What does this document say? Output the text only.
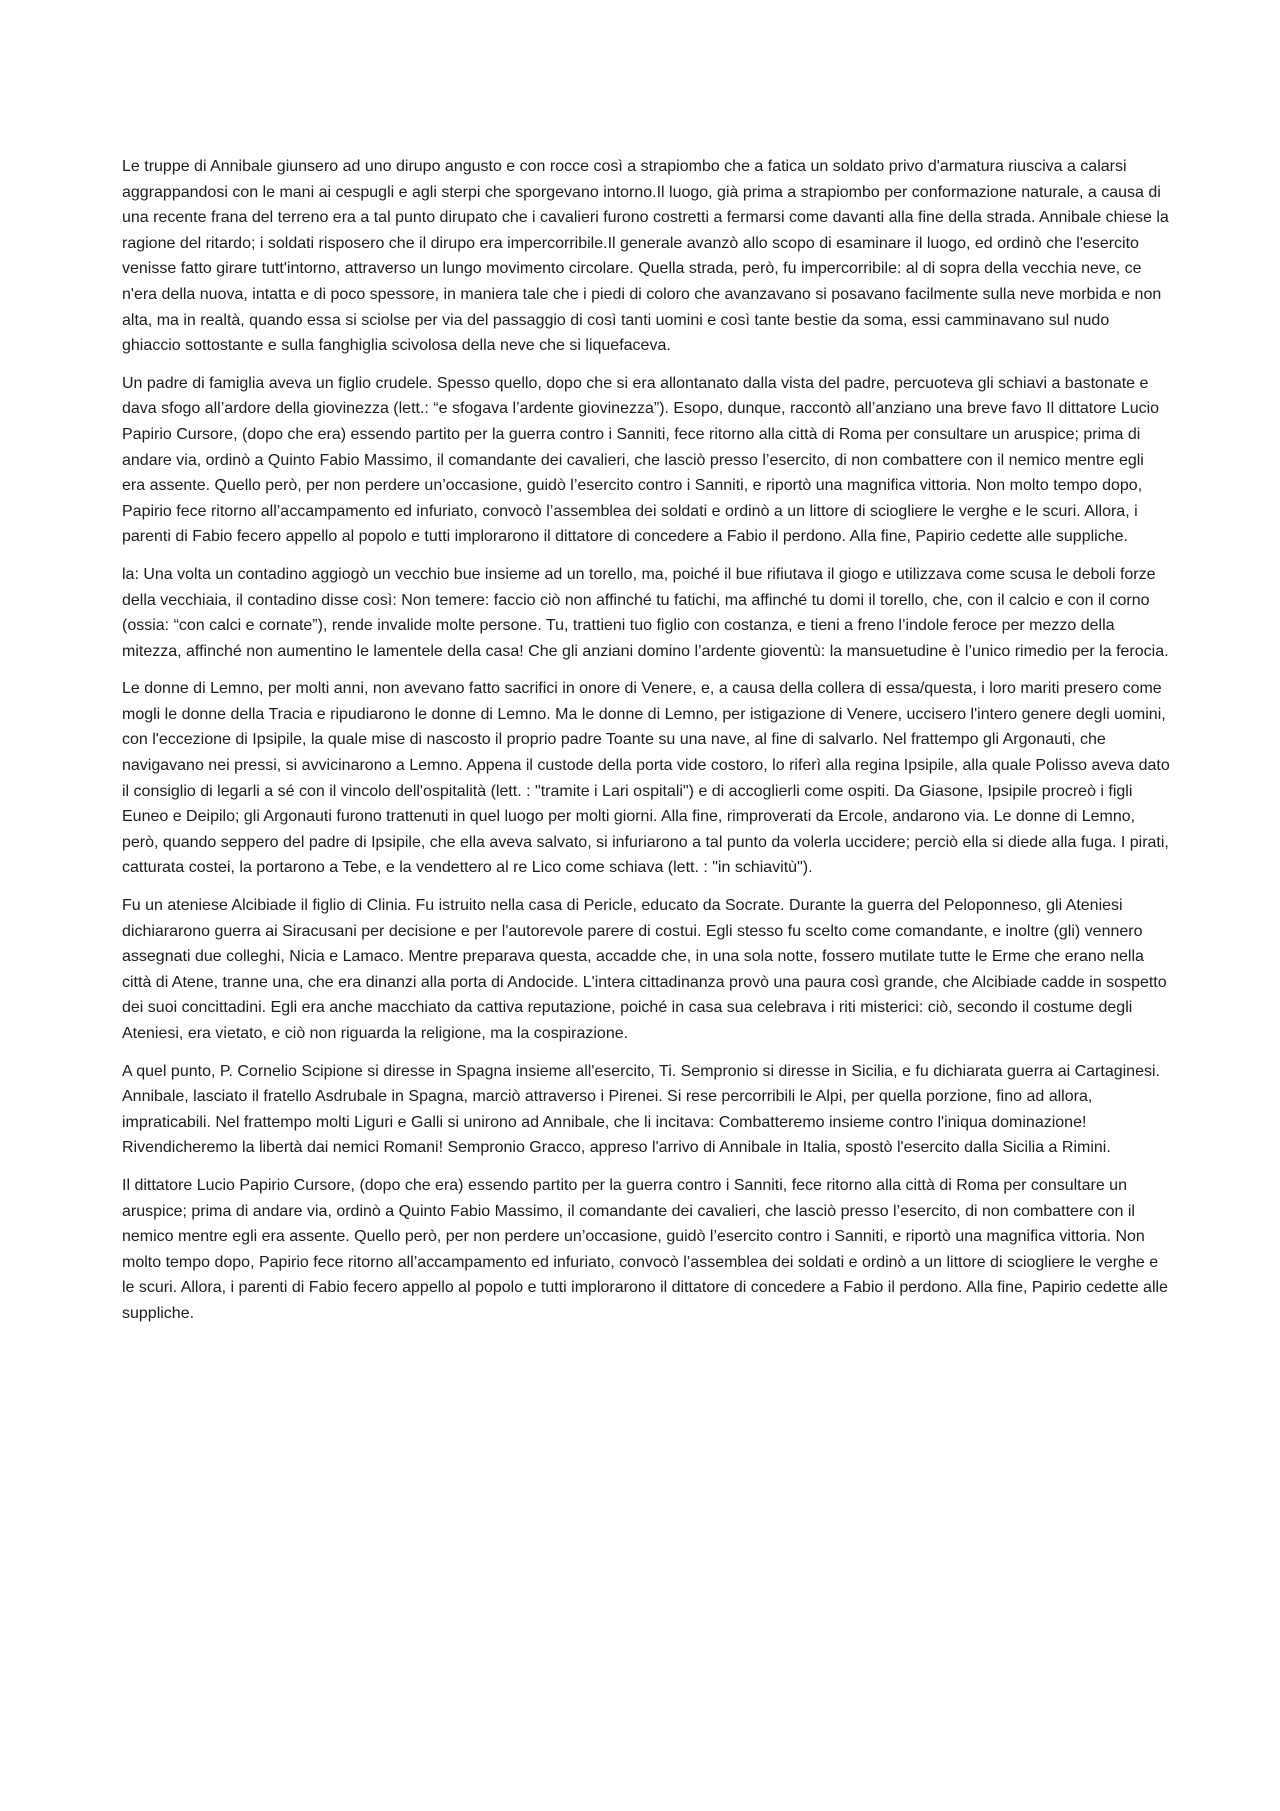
Le truppe di Annibale giunsero ad uno dirupo angusto e con rocce così a strapiombo che a fatica un soldato privo d'armatura riusciva a calarsi aggrappandosi con le mani ai cespugli e agli sterpi che sporgevano intorno.Il luogo, già prima a strapiombo per conformazione naturale, a causa di una recente frana del terreno era a tal punto dirupato che i cavalieri furono costretti a fermarsi come davanti alla fine della strada. Annibale chiese la ragione del ritardo; i soldati risposero che il dirupo era impercorribile.Il generale avanzò allo scopo di esaminare il luogo, ed ordinò che l'esercito venisse fatto girare tutt'intorno, attraverso un lungo movimento circolare. Quella strada, però, fu impercorribile: al di sopra della vecchia neve, ce n'era della nuova, intatta e di poco spessore, in maniera tale che i piedi di coloro che avanzavano si posavano facilmente sulla neve morbida e non alta, ma in realtà, quando essa si sciolse per via del passaggio di così tanti uomini e così tante bestie da soma, essi camminavano sul nudo ghiaccio sottostante e sulla fanghiglia scivolosa della neve che si liquefaceva.

Un padre di famiglia aveva un figlio crudele. Spesso quello, dopo che si era allontanato dalla vista del padre, percuoteva gli schiavi a bastonate e dava sfogo all’ardore della giovinezza (lett.: “e sfogava l’ardente giovinezza”). Esopo, dunque, raccontò all’anziano una breve favo Il dittatore Lucio Papirio Cursore, (dopo che era) essendo partito per la guerra contro i Sanniti, fece ritorno alla città di Roma per consultare un aruspice; prima di andare via, ordinò a Quinto Fabio Massimo, il comandante dei cavalieri, che lasciò presso l’esercito, di non combattere con il nemico mentre egli era assente. Quello però, per non perdere un’occasione, guidò l’esercito contro i Sanniti, e riportò una magnifica vittoria. Non molto tempo dopo, Papirio fece ritorno all’accampamento ed infuriato, convocò l’assemblea dei soldati e ordinò a un littore di sciogliere le verghe e le scuri. Allora, i parenti di Fabio fecero appello al popolo e tutti implorarono il dittatore di concedere a Fabio il perdono. Alla fine, Papirio cedette alle suppliche.

la: Una volta un contadino aggiogò un vecchio bue insieme ad un torello, ma, poiché il bue rifiutava il giogo e utilizzava come scusa le deboli forze della vecchiaia, il contadino disse così: Non temere: faccio ciò non affinché tu fatichi, ma affinché tu domi il torello, che, con il calcio e con il corno (ossia: “con calci e cornate”), rende invalide molte persone. Tu, trattieni tuo figlio con costanza, e tieni a freno l’indole feroce per mezzo della mitezza, affinché non aumentino le lamentele della casa! Che gli anziani domino l’ardente gioventù: la mansuetudine è l’unico rimedio per la ferocia.

Le donne di Lemno, per molti anni, non avevano fatto sacrifici in onore di Venere, e, a causa della collera di essa/questa, i loro mariti presero come mogli le donne della Tracia e ripudiarono le donne di Lemno. Ma le donne di Lemno, per istigazione di Venere, uccisero l'intero genere degli uomini, con l'eccezione di Ipsipile, la quale mise di nascosto il proprio padre Toante su una nave, al fine di salvarlo. Nel frattempo gli Argonauti, che navigavano nei pressi, si avvicinarono a Lemno. Appena il custode della porta vide costoro, lo riferì alla regina Ipsipile, alla quale Polisso aveva dato il consiglio di legarli a sé con il vincolo dell'ospitalità (lett. : "tramite i Lari ospitali") e di accoglierli come ospiti. Da Giasone, Ipsipile procreò i figli Euneo e Deipilo; gli Argonauti furono trattenuti in quel luogo per molti giorni. Alla fine, rimproverati da Ercole, andarono via. Le donne di Lemno, però, quando seppero del padre di Ipsipile, che ella aveva salvato, si infuriarono a tal punto da volerla uccidere; perciò ella si diede alla fuga. I pirati, catturata costei, la portarono a Tebe, e la vendettero al re Lico come schiava (lett. : "in schiavitù").

Fu un ateniese Alcibiade il figlio di Clinia. Fu istruito nella casa di Pericle, educato da Socrate. Durante la guerra del Peloponneso, gli Ateniesi dichiararono guerra ai Siracusani per decisione e per l'autorevole parere di costui. Egli stesso fu scelto come comandante, e inoltre (gli) vennero assegnati due colleghi, Nicia e Lamaco. Mentre preparava questa, accadde che, in una sola notte, fossero mutilate tutte le Erme che erano nella città di Atene, tranne una, che era dinanzi alla porta di Andocide. L'intera cittadinanza provò una paura così grande, che Alcibiade cadde in sospetto dei suoi concittadini. Egli era anche macchiato da cattiva reputazione, poiché in casa sua celebrava i riti misterici: ciò, secondo il costume degli Ateniesi, era vietato, e ciò non riguarda la religione, ma la cospirazione.

A quel punto, P. Cornelio Scipione si diresse in Spagna insieme all'esercito, Ti. Sempronio si diresse in Sicilia, e fu dichiarata guerra ai Cartaginesi. Annibale, lasciato il fratello Asdrubale in Spagna, marciò attraverso i Pirenei. Si rese percorribili le Alpi, per quella porzione, fino ad allora, impraticabili. Nel frattempo molti Liguri e Galli si unirono ad Annibale, che li incitava: Combatteremo insieme contro l'iniqua dominazione! Rivendicheremo la libertà dai nemici Romani! Sempronio Gracco, appreso l'arrivo di Annibale in Italia, spostò l'esercito dalla Sicilia a Rimini.

Il dittatore Lucio Papirio Cursore, (dopo che era) essendo partito per la guerra contro i Sanniti, fece ritorno alla città di Roma per consultare un aruspice; prima di andare via, ordinò a Quinto Fabio Massimo, il comandante dei cavalieri, che lasciò presso l’esercito, di non combattere con il nemico mentre egli era assente. Quello però, per non perdere un’occasione, guidò l’esercito contro i Sanniti, e riportò una magnifica vittoria. Non molto tempo dopo, Papirio fece ritorno all’accampamento ed infuriato, convocò l’assemblea dei soldati e ordinò a un littore di sciogliere le verghe e le scuri. Allora, i parenti di Fabio fecero appello al popolo e tutti implorarono il dittatore di concedere a Fabio il perdono. Alla fine, Papirio cedette alle suppliche.
